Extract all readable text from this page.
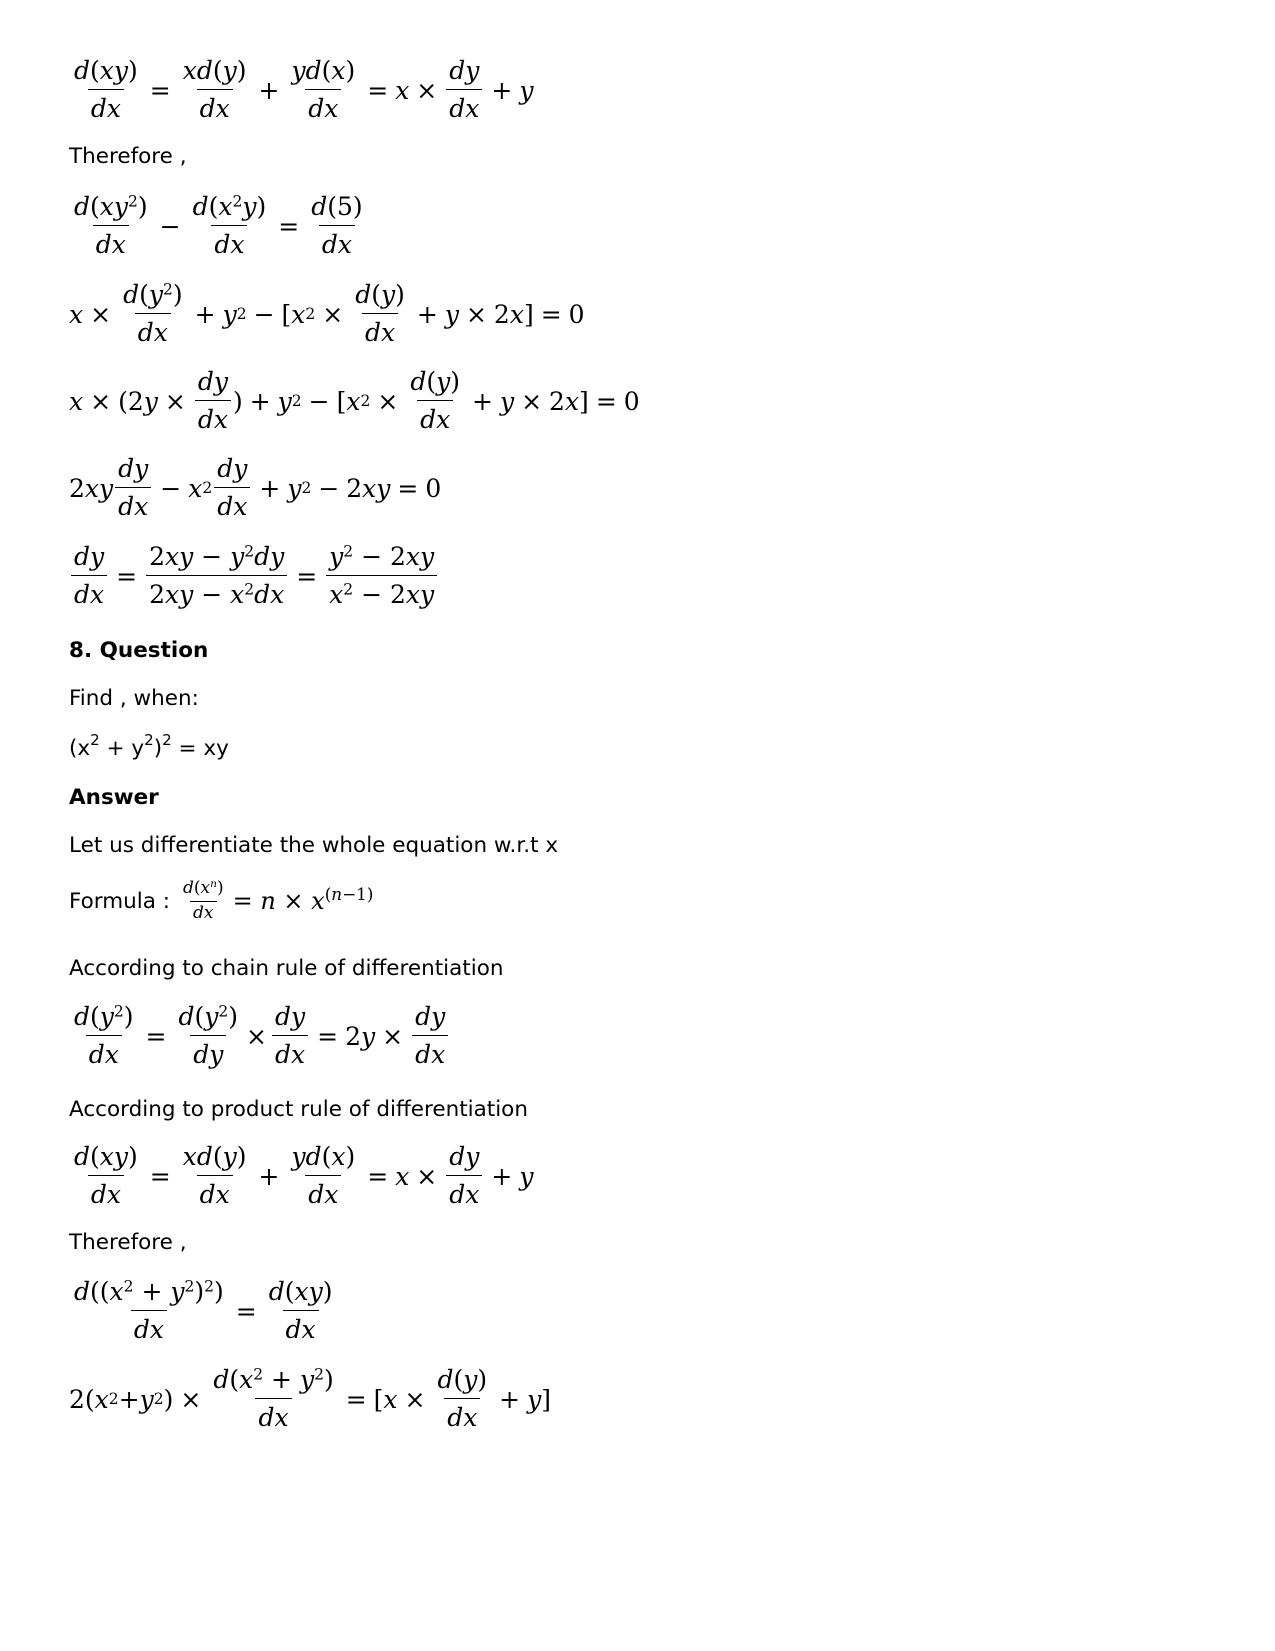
$\frac{d(xy)}{dx} = \frac{xd(y)}{dx} + \frac{yd(x)}{dx} = x \times \frac{dy}{dx} + y$
Therefore ,
$\frac{d(xy^2)}{dx} - \frac{d(x^2y)}{dx} = \frac{d(5)}{dx}$
$x \times \frac{d(y^2)}{dx} + y$ 2 − [ x $2 \times \frac{d(y)}{dx} + y \times 2$ x ] = 0
x × (2 $y \times \frac{dy}{dx}$ ) + y 2 − [ x $2 \times \frac{d(y)}{dx} + y \times 2$ x ] = 0
2 xy $\frac{dy}{dx} - x$ $2 \frac{dy}{dx} + y$ 2 − 2 xy = 0
$\frac{dy}{dx} = \frac{2xy - y^2dy}{2xy - x^2dx} = \frac{y^2 - 2xy}{x^2 - 2xy}$
8. Question
Find , when:
$(x^2 + y^2)^2$ = xy
Answer
Let us differentiate the whole equation w.r.t x
Formula : $\frac{d(x^n)}{dx} = n \times x^{(n-1)}$
According to chain rule of differentiation
$\frac{d(y^2)}{dx} = \frac{d(y^2)}{dy} \times \frac{dy}{dx} = 2$ $y \times \frac{dy}{dx}$
According to product rule of differentiation
$\frac{d(xy)}{dx} = \frac{xd(y)}{dx} + \frac{yd(x)}{dx} = x \times \frac{dy}{dx} + y$
Therefore ,
$\frac{d((x^2 + y^2)^2)}{dx} = \frac{d(xy)}{dx}$
2( x 2 + y 2 ) × $\frac{d(x^2 + y^2)}{dx}$ = [ $x \times \frac{d(y)}{dx} + y$ ]
